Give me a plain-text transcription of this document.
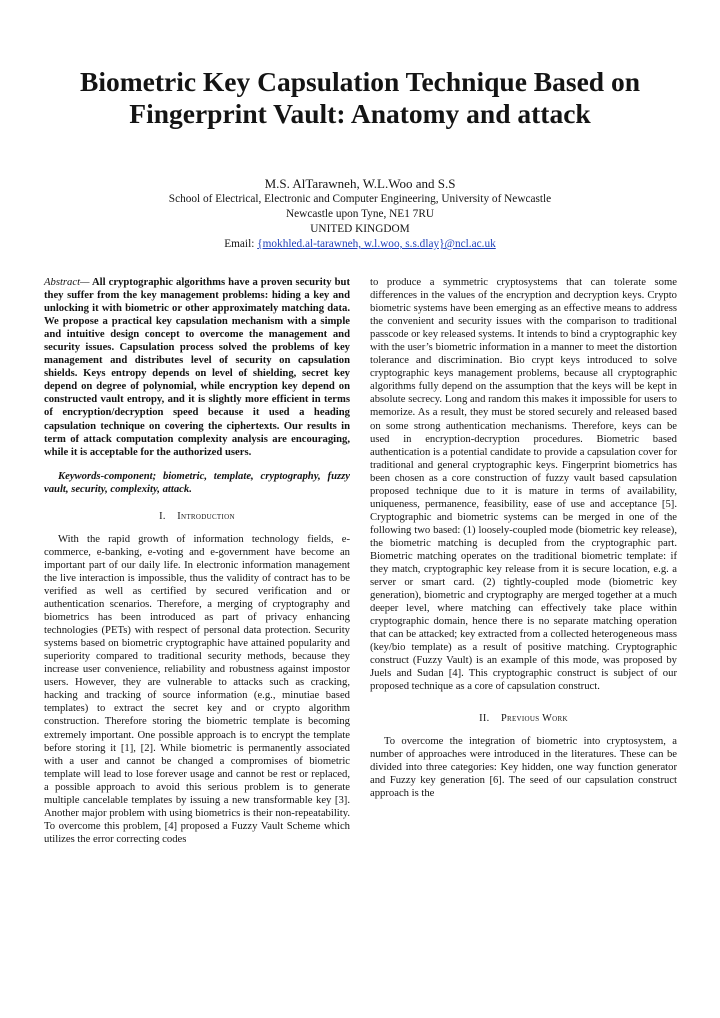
Biometric Key Capsulation Technique Based on Fingerprint Vault: Anatomy and attack
M.S. AlTarawneh, W.L.Woo and S.S
School of Electrical, Electronic and Computer Engineering, University of Newcastle
Newcastle upon Tyne, NE1 7RU
UNITED KINGDOM
Email: {mokhled.al-tarawneh, w.l.woo, s.s.dlay}@ncl.ac.uk

Abstract— All cryptographic algorithms have a proven security but they suffer from the key management problems: hiding a key and unlocking it with biometric or other approximately matching data. We propose a practical key capsulation mechanism with a simple and intuitive design concept to overcome the management and security issues. Capsulation process solved the problems of key management and distributes level of security on capsulation shields. Keys entropy depends on level of shielding, secret key depend on degree of polynomial, while encryption key depend on constructed vault entropy, and it is slightly more efficient in terms of encryption/decryption speed because it used a heading capsulation technique on covering the ciphertexts. Our results in term of attack computation complexity analysis are encouraging, while it is acceptable for the authorized users.

Keywords-component; biometric, template, cryptography, fuzzy vault, security, complexity, attack.

I. Introduction

With the rapid growth of information technology fields, e-commerce, e-banking, e-voting and e-government have become an important part of our daily life. In electronic information management the live interaction is impossible, thus the validity of contract has to be verified as well as certified by secured verification and or authentication scenarios. Therefore, a merging of cryptography and biometrics has been introduced as part of privacy enhancing technologies (PETs) with respect of personal data protection. Security systems based on biometric cryptographic have attained popularity and superiority compared to traditional security methods, because they increase user convenience, reliability and robustness against impostor users. However, they are vulnerable to attacks such as cracking, hacking and tracking of source information (e.g., minutiae based templates) to extract the secret key and or crypto algorithm construction. Therefore storing the biometric template is becoming extremely important. One possible approach is to encrypt the template before storing it [1], [2]. While biometric is permanently associated with a user and cannot be changed a compromises of biometric template will lead to lose forever usage and cannot be rest or replaced, a possible approach to avoid this serious problem is to generate multiple cancelable templates by issuing a new transformable key [3]. Another major problem with using biometrics is their non-repeatability. To overcome this problem, [4] proposed a Fuzzy Vault Scheme which utilizes the error correcting codes

to produce a symmetric cryptosystems that can tolerate some differences in the values of the encryption and decryption keys. Crypto biometric systems have been emerging as an effective means to address the convenient and security issues with the comparison to traditional passcode or key released systems. It intends to bind a cryptographic key with the user’s biometric information in a manner to meet the distortion tolerance and discrimination. Bio crypt keys introduced to solve cryptographic keys management problems, because all cryptographic algorithms fully depend on the assumption that the keys will be kept in absolute secrecy. Long and random this makes it impossible for users to memorize. As a result, they must be stored securely and released based on some strong authentication mechanisms. Therefore, keys can be used in encryption-decryption procedures. Biometric based authentication is a potential candidate to provide a capsulation cover for traditional and general cryptographic keys. Fingerprint biometrics has been chosen as a core construction of fuzzy vault based capsulation proposed technique due to it is mature in terms of availability, uniqueness, permanence, feasibility, ease of use and acceptance [5]. Cryptographic and biometric systems can be merged in one of the following two based: (1) loosely-coupled mode (biometric key release), the biometric matching is decupled from the cryptographic part. Biometric matching operates on the traditional biometric template: if they match, cryptographic key release from it is secure location, e.g. a server or smart card. (2) tightly-coupled mode (biometric key generation), biometric and cryptography are merged together at a much deeper level, where matching can effectively take place within cryptographic domain, hence there is no separate matching operation that can be attacked; key extracted from a collected heterogeneous mass (key/bio template) as a result of positive matching. Cryptographic construct (Fuzzy Vault) is an example of this mode, was proposed by Juels and Sudan [4]. This cryptographic construct is subject of our proposed technique as a core of capsulation construct.

II. Previous Work

To overcome the integration of biometric into cryptosystem, a number of approaches were introduced in the literatures. These can be divided into three categories: Key hidden, one way function generator and Fuzzy key generation [6]. The seed of our capsulation construct approach is the
